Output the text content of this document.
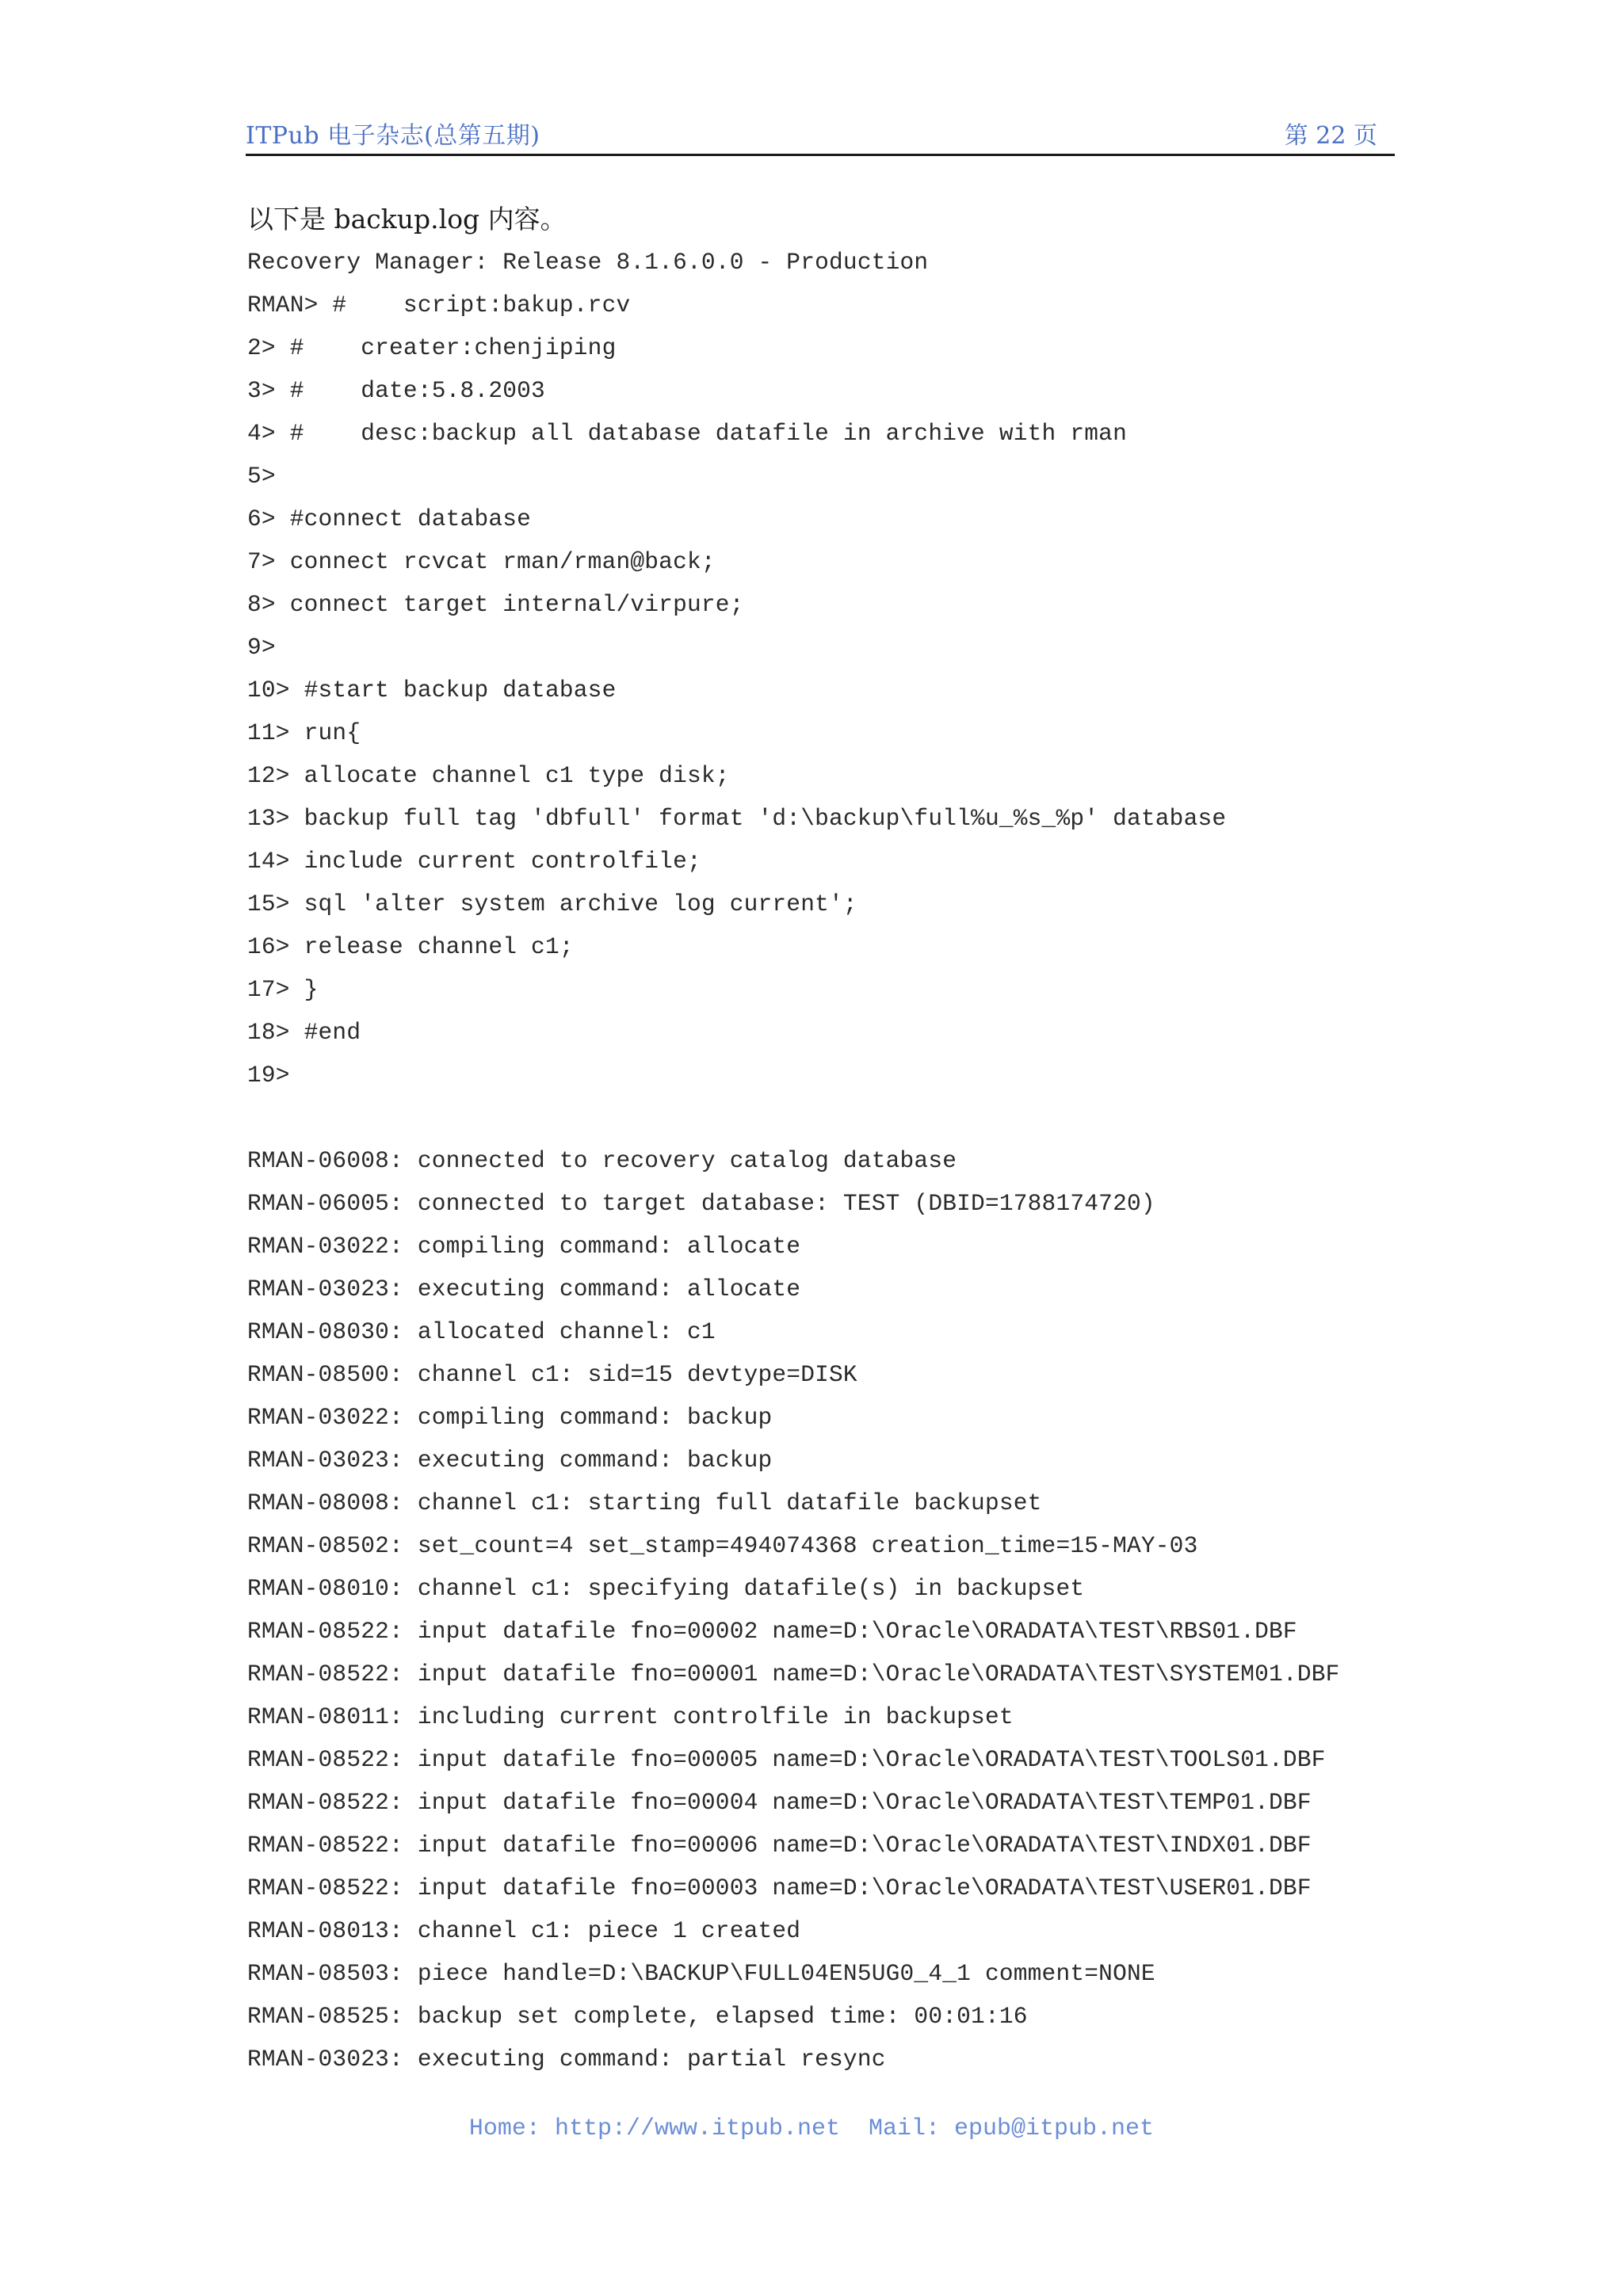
ITPub 电子杂志(总第五期)	第 22 页
以下是 backup.log 内容。
Recovery Manager: Release 8.1.6.0.0 - Production
RMAN> #    script:bakup.rcv
2> #    creater:chenjiping
3> #    date:5.8.2003
4> #    desc:backup all database datafile in archive with rman
5>
6> #connect database
7> connect rcvcat rman/rman@back;
8> connect target internal/virpure;
9>
10> #start backup database
11> run{
12> allocate channel c1 type disk;
13> backup full tag 'dbfull' format 'd:\backup\full%u_%s_%p' database
14> include current controlfile;
15> sql 'alter system archive log current';
16> release channel c1;
17> }
18> #end
19>
RMAN-06008: connected to recovery catalog database
RMAN-06005: connected to target database: TEST (DBID=1788174720)
RMAN-03022: compiling command: allocate
RMAN-03023: executing command: allocate
RMAN-08030: allocated channel: c1
RMAN-08500: channel c1: sid=15 devtype=DISK
RMAN-03022: compiling command: backup
RMAN-03023: executing command: backup
RMAN-08008: channel c1: starting full datafile backupset
RMAN-08502: set_count=4 set_stamp=494074368 creation_time=15-MAY-03
RMAN-08010: channel c1: specifying datafile(s) in backupset
RMAN-08522: input datafile fno=00002 name=D:\Oracle\ORADATA\TEST\RBS01.DBF
RMAN-08522: input datafile fno=00001 name=D:\Oracle\ORADATA\TEST\SYSTEM01.DBF
RMAN-08011: including current controlfile in backupset
RMAN-08522: input datafile fno=00005 name=D:\Oracle\ORADATA\TEST\TOOLS01.DBF
RMAN-08522: input datafile fno=00004 name=D:\Oracle\ORADATA\TEST\TEMP01.DBF
RMAN-08522: input datafile fno=00006 name=D:\Oracle\ORADATA\TEST\INDX01.DBF
RMAN-08522: input datafile fno=00003 name=D:\Oracle\ORADATA\TEST\USER01.DBF
RMAN-08013: channel c1: piece 1 created
RMAN-08503: piece handle=D:\BACKUP\FULL04EN5UG0_4_1 comment=NONE
RMAN-08525: backup set complete, elapsed time: 00:01:16
RMAN-03023: executing command: partial resync
Home: http://www.itpub.net  Mail: epub@itpub.net
